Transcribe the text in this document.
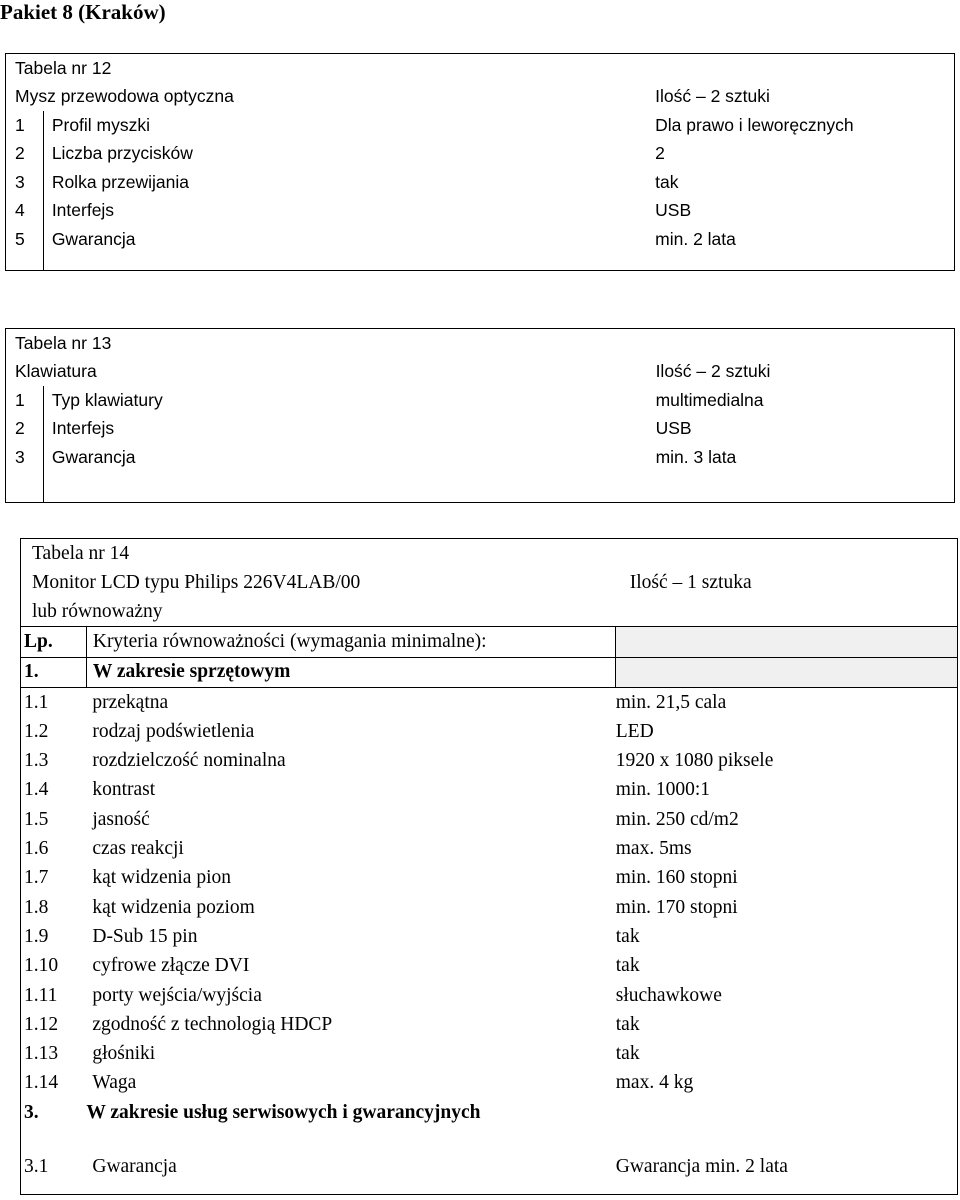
Pakiet 8 (Kraków)
Tabela nr 12		
Mysz przewodowa optyczna		Ilość – 2 sztuki
1	Profil myszki	Dla prawo i leworęcznych
2	Liczba przycisków	2
3	Rolka przewijania	tak
4	Interfejs	USB
5	Gwarancja	min. 2 lata

Tabela nr 13		
Klawiatura		Ilość – 2 sztuki
1	Typ klawiatury	multimedialna
2	Interfejs	USB
3	Gwarancja	min. 3 lata

Tabela nr 14		

Monitor LCD typu Philips 226V4LAB/00
lub równoważny		Ilość – 1 sztuka
Lp.	Kryteria równoważności (wymagania minimalne):	
1.	W zakresie sprzętowym	
1.1	przekątna	min. 21,5 cala
1.2	rodzaj podświetlenia	LED
1.3	rozdzielczość nominalna	1920 x 1080 piksele
1.4	kontrast	min. 1000:1
1.5	jasność	min. 250 cd/m2
1.6	czas reakcji	max. 5ms
1.7	kąt widzenia pion	min. 160 stopni
1.8	kąt widzenia poziom	min. 170 stopni
1.9	D-Sub 15 pin	tak
1.10	cyfrowe złącze DVI	tak
1.11	porty wejścia/wyjścia	słuchawkowe
1.12	zgodność z technologią HDCP	tak
1.13	głośniki	tak
1.14	Waga	max. 4 kg
3.	W zakresie usług serwisowych i gwarancyjnych	

3.1	Gwarancja	Gwarancja min. 2 lata
